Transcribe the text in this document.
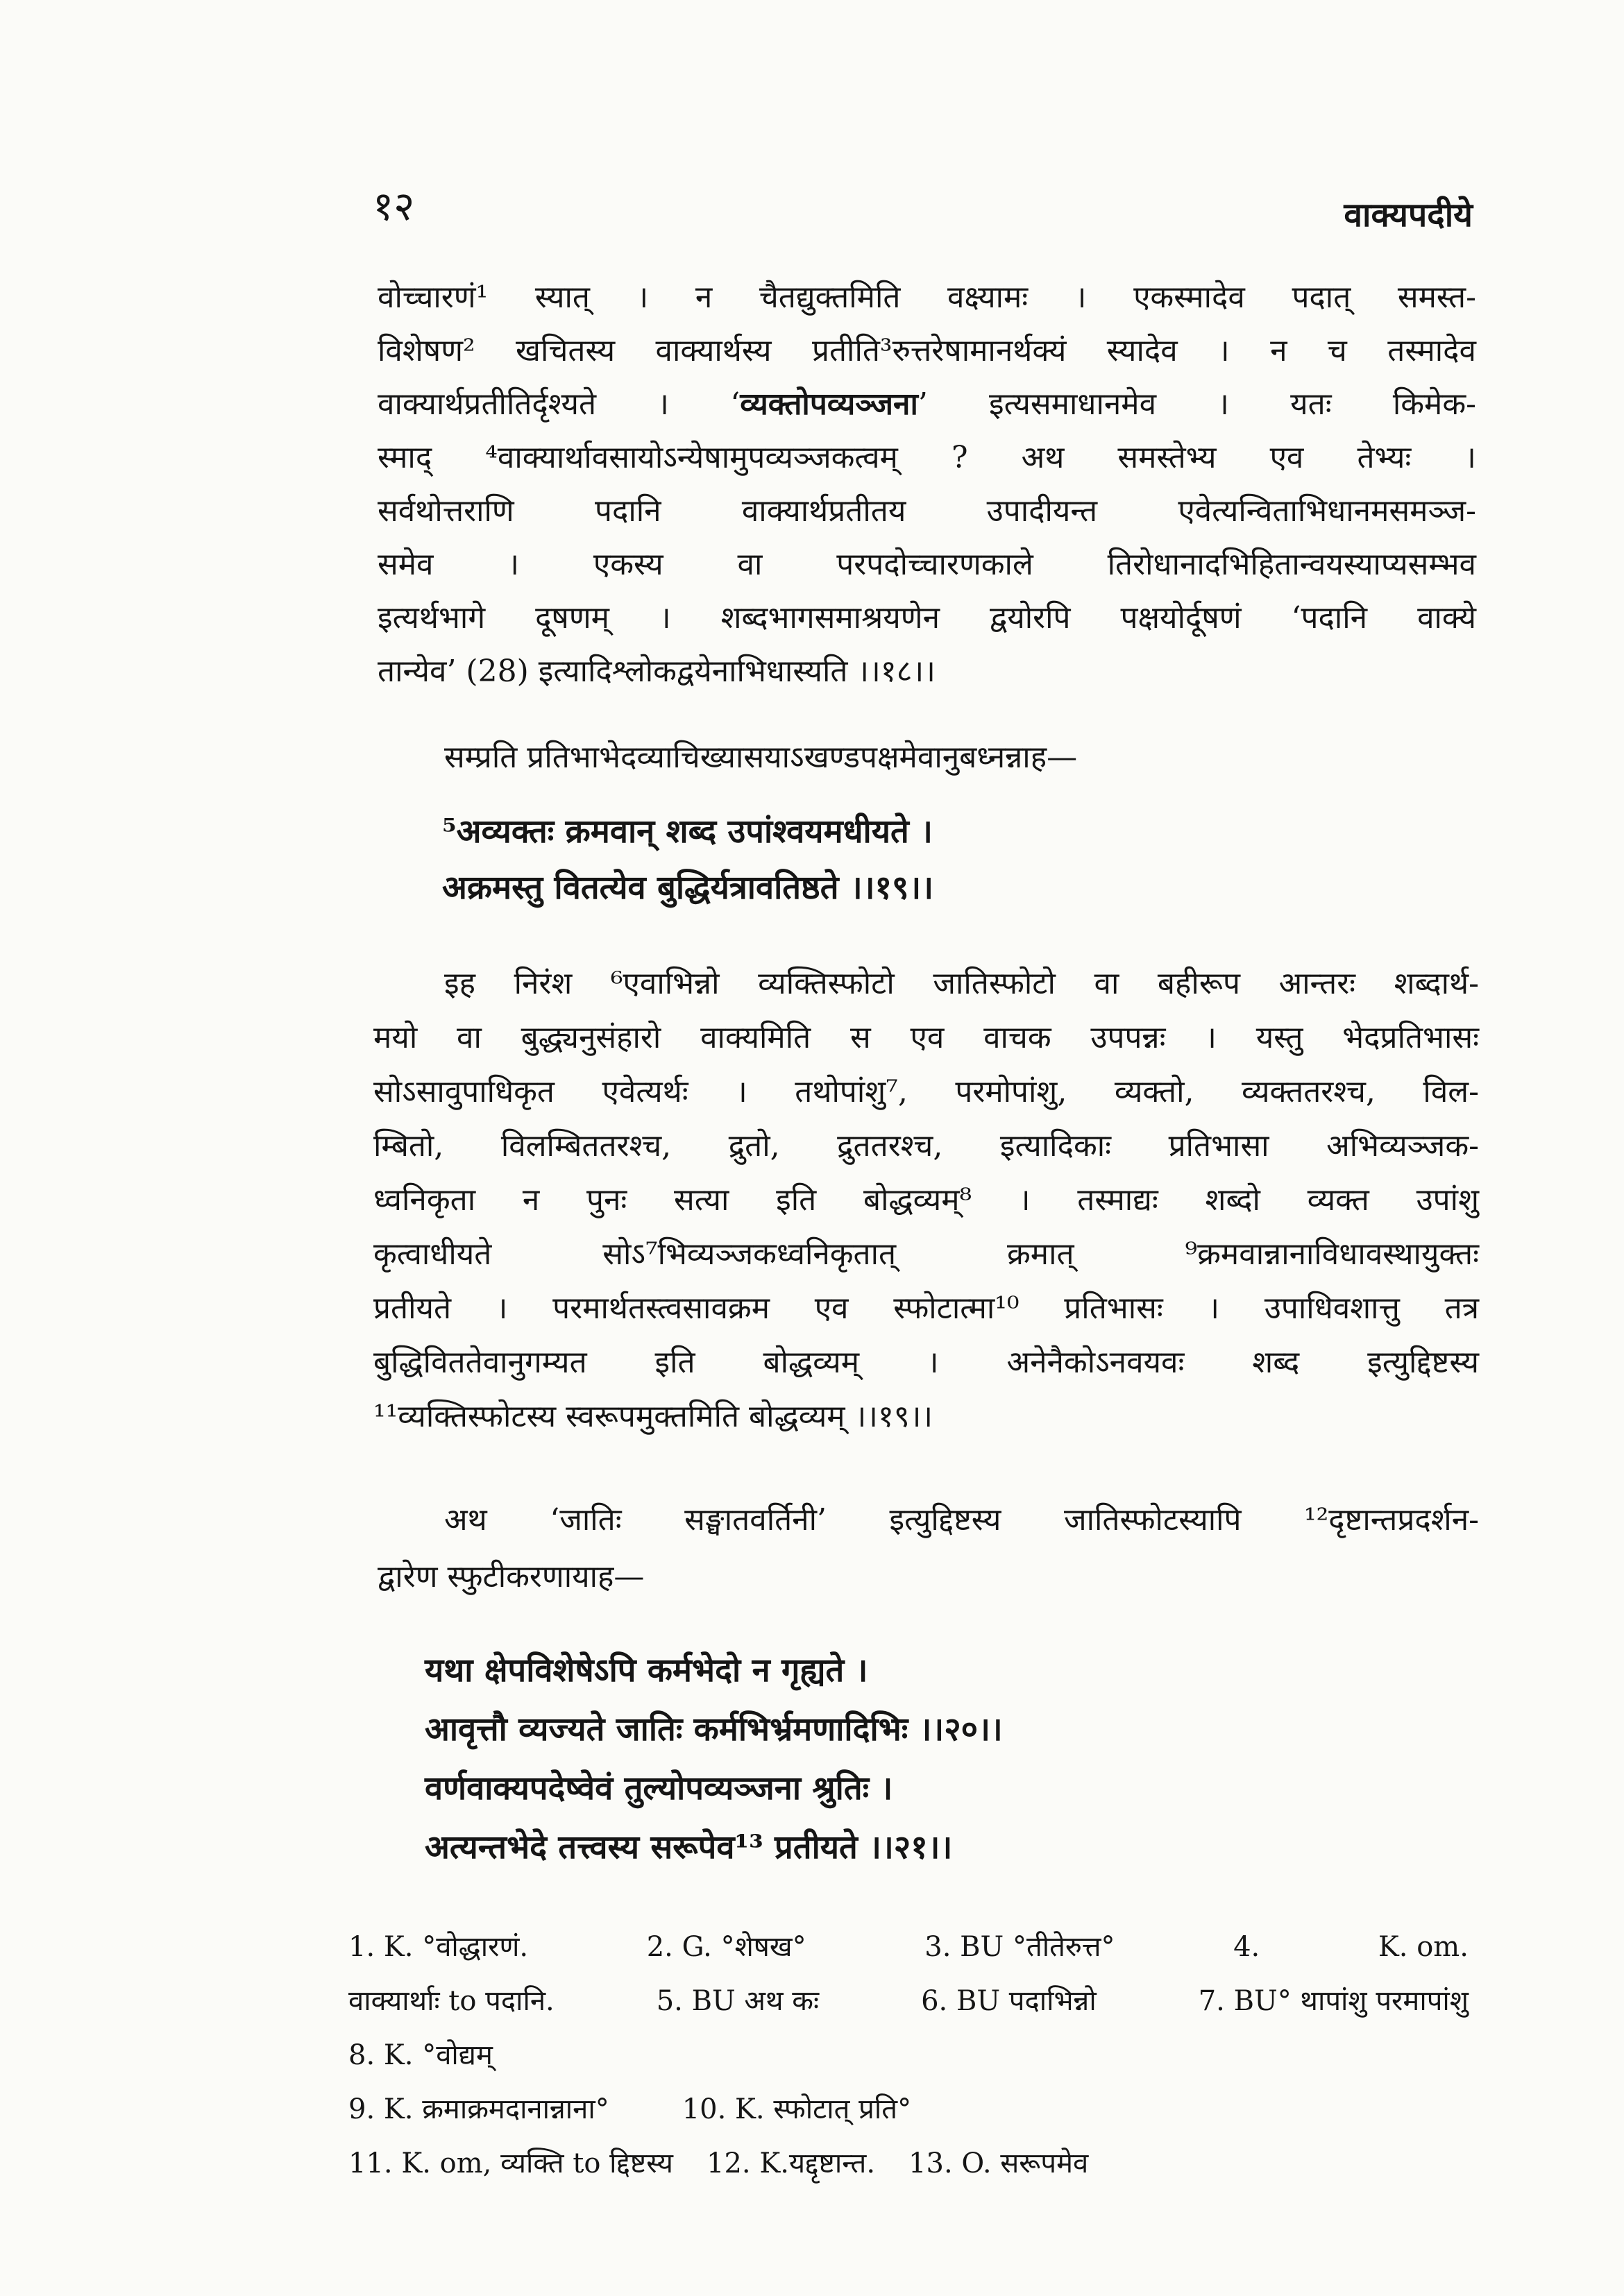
१२	वाक्यपदीये
वोच्चारणं¹ स्यात् । न चैतद्युक्तमिति वक्ष्यामः । एकस्मादेव पदात् समस्त-
विशेषण² खचितस्य वाक्यार्थस्य प्रतीति³रुत्तरेषामानर्थक्यं स्यादेव । न च तस्मादेव
वाक्यार्थप्रतीतिर्दृश्यते । ‘व्यक्तोपव्यञ्जना’ इत्यसमाधानमेव । यतः किमेक-
स्माद् ⁴वाक्यार्थावसायोऽन्येषामुपव्यञ्जकत्वम् ? अथ समस्तेभ्य एव तेभ्यः ।
सर्वथोत्तराणि पदानि वाक्यार्थप्रतीतय उपादीयन्त एवेत्यन्विताभिधानमसमञ्ज-
समेव । एकस्य वा परपदोच्चारणकाले तिरोधानादभिहितान्वयस्याप्यसम्भव
इत्यर्थभागे दूषणम् । शब्दभागसमाश्रयणेन द्वयोरपि पक्षयोर्दूषणं ‘पदानि वाक्ये
तान्येव’ (28) इत्यादिश्लोकद्वयेनाभिधास्यति ।।१८।।
सम्प्रति प्रतिभाभेदव्याचिख्यासयाऽखण्डपक्षमेवानुबध्नन्नाह—
⁵अव्यक्तः क्रमवान् शब्द उपांश्वयमधीयते ।
अक्रमस्तु वितत्येव बुद्धिर्यत्रावतिष्ठते ।।१९।।
इह निरंश ⁶एवाभिन्नो व्यक्तिस्फोटो जातिस्फोटो वा बहीरूप आन्तरः शब्दार्थ-
मयो वा बुद्ध्यनुसंहारो वाक्यमिति स एव वाचक उपपन्नः । यस्तु भेदप्रतिभासः
सोऽसावुपाधिकृत एवेत्यर्थः । तथोपांशु⁷, परमोपांशु, व्यक्तो, व्यक्ततरश्च, विल-
म्बितो, विलम्बिततरश्च, द्रुतो, द्रुततरश्च, इत्यादिकाः प्रतिभासा अभिव्यञ्जक-
ध्वनिकृता न पुनः सत्या इति बोद्धव्यम्⁸ । तस्माद्यः शब्दो व्यक्त उपांशु
कृत्वाधीयते सोऽ⁷भिव्यञ्जकध्वनिकृतात् क्रमात् ⁹क्रमवान्नानाविधावस्थायुक्तः
प्रतीयते । परमार्थतस्त्वसावक्रम एव स्फोटात्मा¹⁰ प्रतिभासः । उपाधिवशात्तु तत्र
बुद्धिविततेवानुगम्यत इति बोद्धव्यम् । अनेनैकोऽनवयवः शब्द इत्युद्दिष्टस्य
¹¹व्यक्तिस्फोटस्य स्वरूपमुक्तमिति बोद्धव्यम् ।।१९।।
अथ ‘जातिः सङ्घातवर्तिनी’ इत्युद्दिष्टस्य जातिस्फोटस्यापि ¹²दृष्टान्तप्रदर्शन-
द्वारेण स्फुटीकरणायाह—
यथा क्षेपविशेषेऽपि कर्मभेदो न गृह्यते ।
आवृत्तौ व्यज्यते जातिः कर्मभिर्भ्रमणादिभिः ।।२०।।
वर्णवाक्यपदेष्वेवं तुल्योपव्यञ्जना श्रुतिः ।
अत्यन्तभेदे तत्त्वस्य सरूपेव¹³ प्रतीयते ।।२१।।
1. K. °वोद्धारणं.	2. G. °शेषख°	3. BU °तीतेरुत्त°	4.	K. om.
वाक्यार्थाः to पदानि.	5. BU अथ कः	6. BU पदाभिन्नो	7. BU° थापांशु परमापांशु
8. K. °वोद्यम्
9. K. क्रमाक्रमदानान्नाना°	10. K. स्फोटात् प्रति°
11. K. om, व्यक्ति to द्दिष्टस्य 12. K.यद्दृष्टान्त. 13. O. सरूपमेव
